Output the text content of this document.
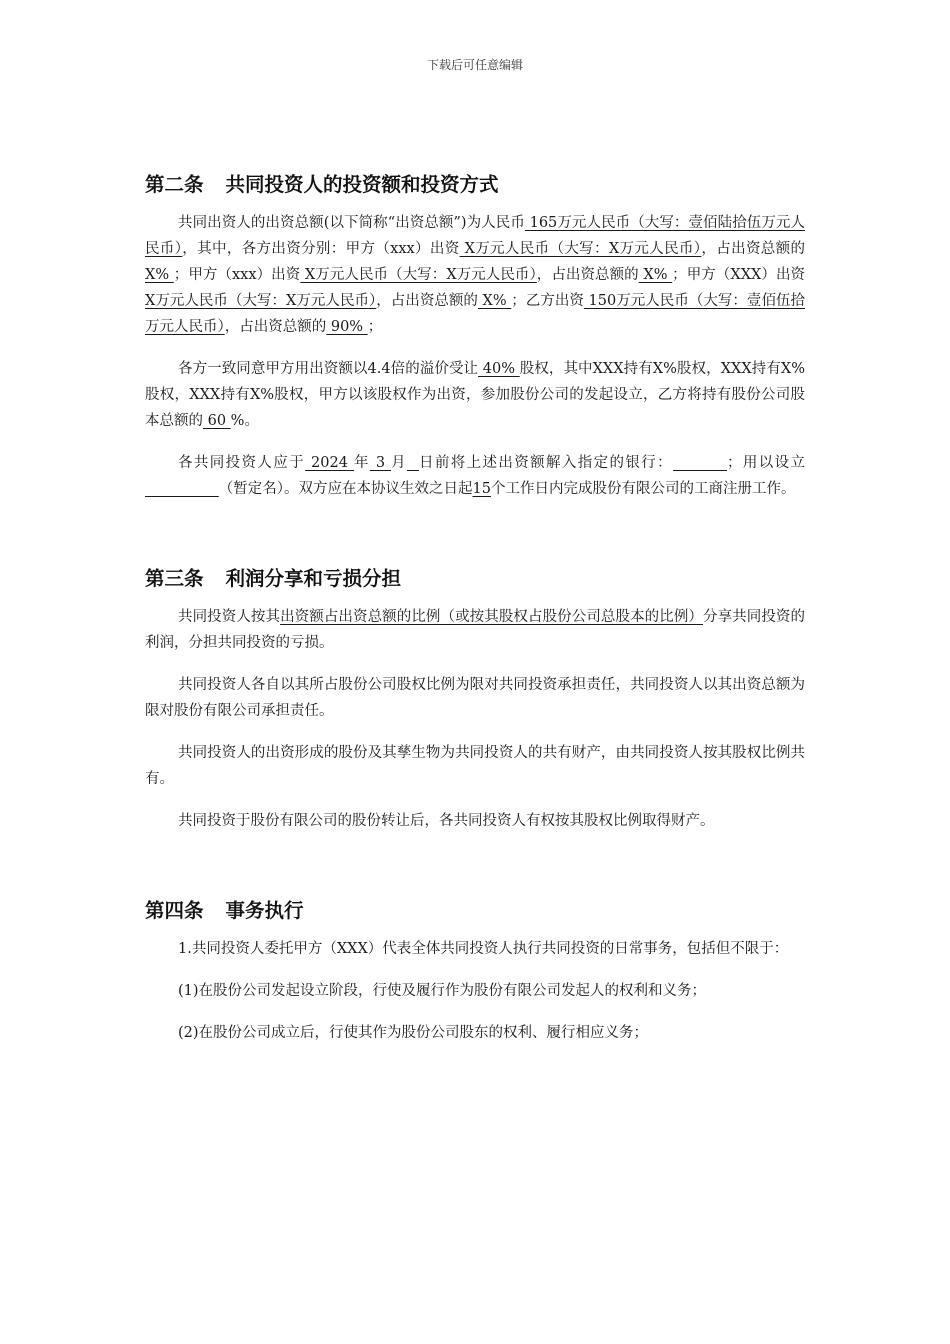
下载后可任意编辑
第二条 共同投资人的投资额和投资方式

共同出资人的出资总额(以下简称“出资总额”)为人民币 165万元人民币（大写：壹佰陆拾伍万元人民币），其中，各方出资分别：甲方（xxx）出资 X万元人民币（大写：X万元人民币），占出资总额的 X% ；甲方（xxx）出资 X万元人民币（大写：X万元人民币），占出资总额的 X% ；甲方（XXX）出资 X万元人民币（大写：X万元人民币），占出资总额的 X% ；乙方出资 150万元人民币（大写：壹佰伍拾万元人民币），占出资总额的 90% ；

各方一致同意甲方用出资额以4.4倍的溢价受让 40% 股权，其中XXX持有X%股权，XXX持有X%股权，XXX持有X%股权，甲方以该股权作为出资，参加股份公司的发起设立，乙方将持有股份公司股本总额的 60 %。

各共同投资人应于 2024 年 3 月 日前将上述出资额解入指定的银行：	；用以设立                （暂定名）。双方应在本协议生效之日起15个工作日内完成股份有限公司的工商注册工作。

第三条 利润分享和亏损分担

共同投资人按其出资额占出资总额的比例（或按其股权占股份公司总股本的比例）分享共同投资的利润，分担共同投资的亏损。

共同投资人各自以其所占股份公司股权比例为限对共同投资承担责任，共同投资人以其出资总额为限对股份有限公司承担责任。

共同投资人的出资形成的股份及其孳生物为共同投资人的共有财产，由共同投资人按其股权比例共有。

共同投资于股份有限公司的股份转让后，各共同投资人有权按其股权比例取得财产。

第四条 事务执行

1.共同投资人委托甲方（XXX）代表全体共同投资人执行共同投资的日常事务，包括但不限于：

(1)在股份公司发起设立阶段，行使及履行作为股份有限公司发起人的权利和义务；

(2)在股份公司成立后，行使其作为股份公司股东的权利、履行相应义务；
